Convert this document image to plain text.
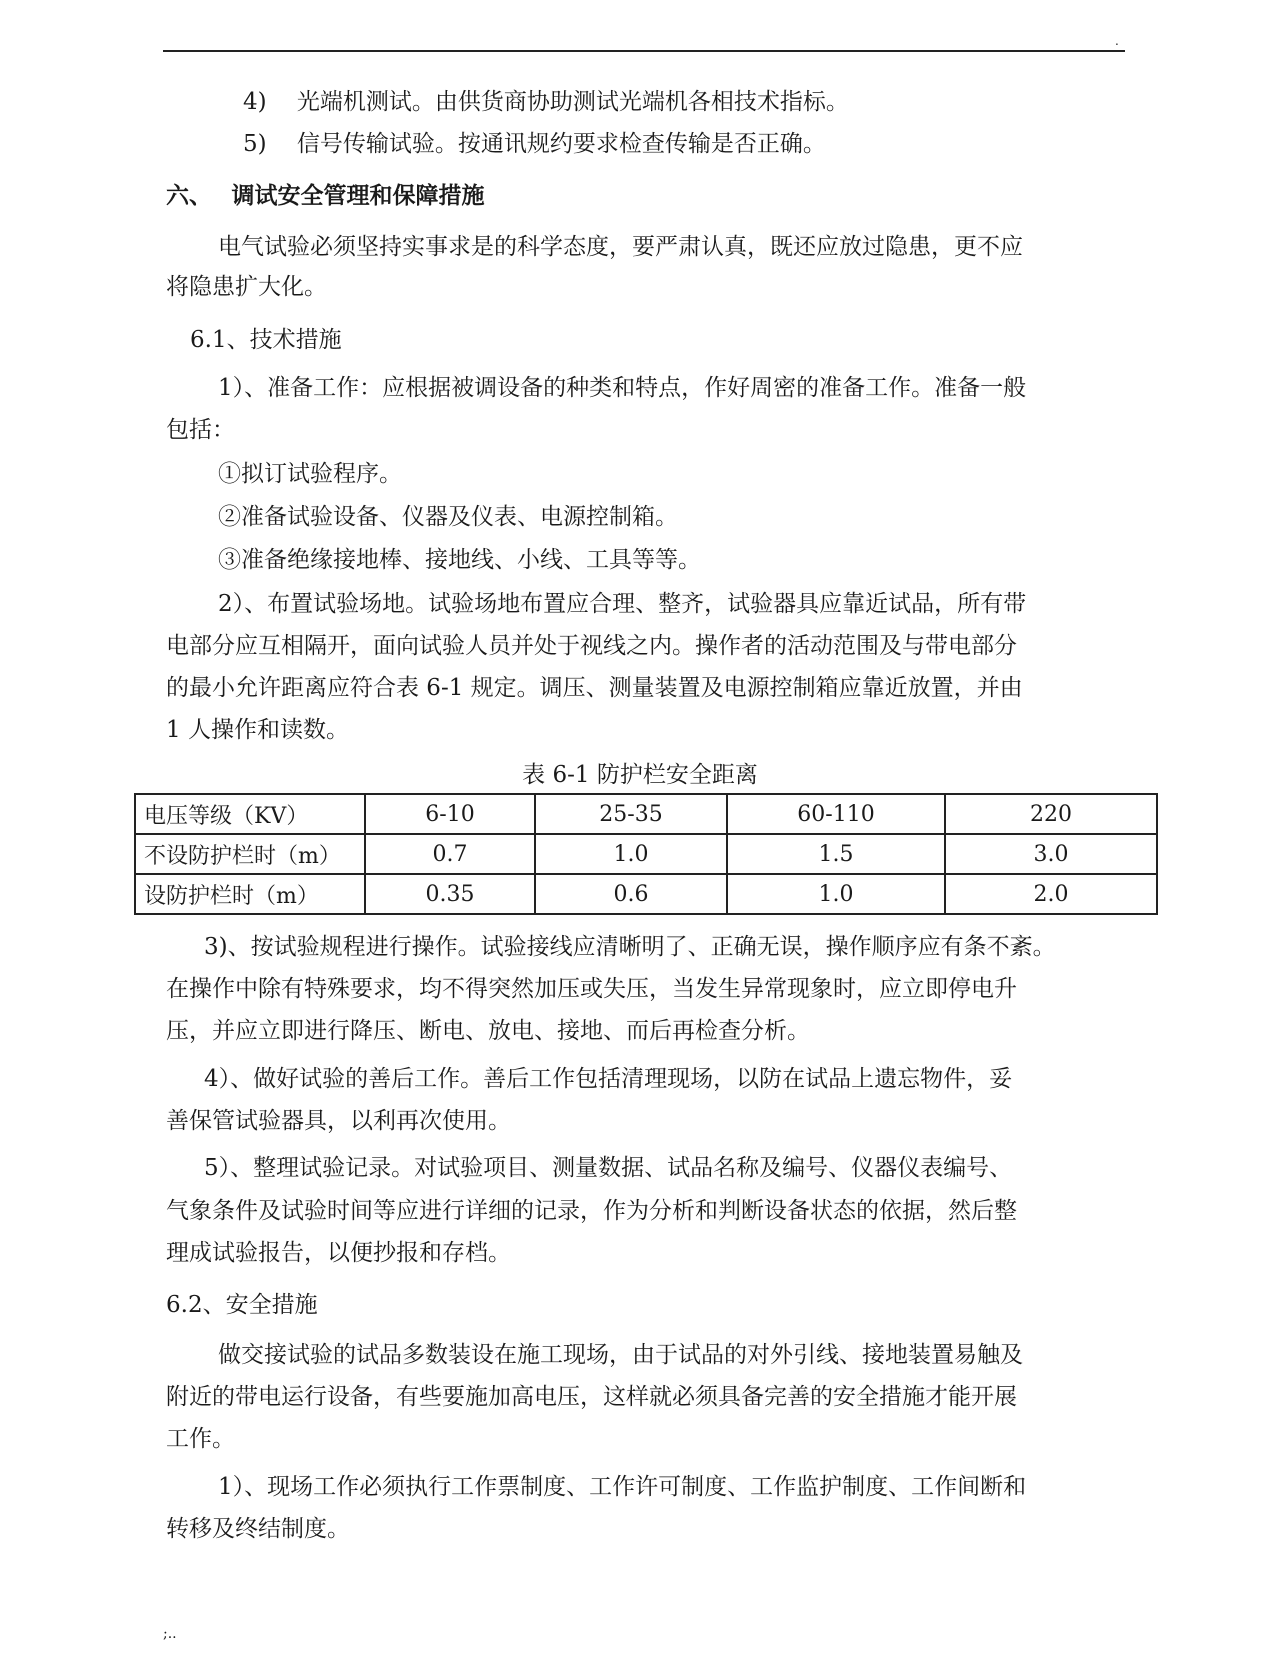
.
4)　 光端机测试。由供货商协助测试光端机各相技术指标。
5)　 信号传输试验。按通讯规约要求检查传输是否正确。
六、　 调试安全管理和保障措施
电气试验必须坚持实事求是的科学态度，要严肃认真，既还应放过隐患，更不应
将隐患扩大化。
6.1、技术措施
1）、准备工作：应根据被调设备的种类和特点，作好周密的准备工作。准备一般
包括：
①拟订试验程序。
②准备试验设备、仪器及仪表、电源控制箱。
③准备绝缘接地棒、接地线、小线、工具等等。
2）、布置试验场地。试验场地布置应合理、整齐，试验器具应靠近试品，所有带
电部分应互相隔开，面向试验人员并处于视线之内。操作者的活动范围及与带电部分
的最小允许距离应符合表 6-1 规定。调压、测量装置及电源控制箱应靠近放置，并由
1 人操作和读数。
3)、按试验规程进行操作。试验接线应清晰明了、正确无误，操作顺序应有条不紊。
在操作中除有特殊要求，均不得突然加压或失压，当发生异常现象时，应立即停电升
压，并应立即进行降压、断电、放电、接地、而后再检查分析。
4）、做好试验的善后工作。善后工作包括清理现场，以防在试品上遗忘物件，妥
善保管试验器具，以利再次使用。
5）、整理试验记录。对试验项目、测量数据、试品名称及编号、仪器仪表编号、
气象条件及试验时间等应进行详细的记录，作为分析和判断设备状态的依据，然后整
理成试验报告，以便抄报和存档。
6.2、安全措施
做交接试验的试品多数装设在施工现场，由于试品的对外引线、接地装置易触及
附近的带电运行设备，有些要施加高电压，这样就必须具备完善的安全措施才能开展
工作。
1）、现场工作必须执行工作票制度、工作许可制度、工作监护制度、工作间断和
转移及终结制度。
表 6-1 防护栏安全距离
电压等级（KV）	6-10	25-35	60-110	220
不设防护栏时（m）	0.7	1.0	1.5	3.0
设防护栏时（m）	0.35	0.6	1.0	2.0
;..
